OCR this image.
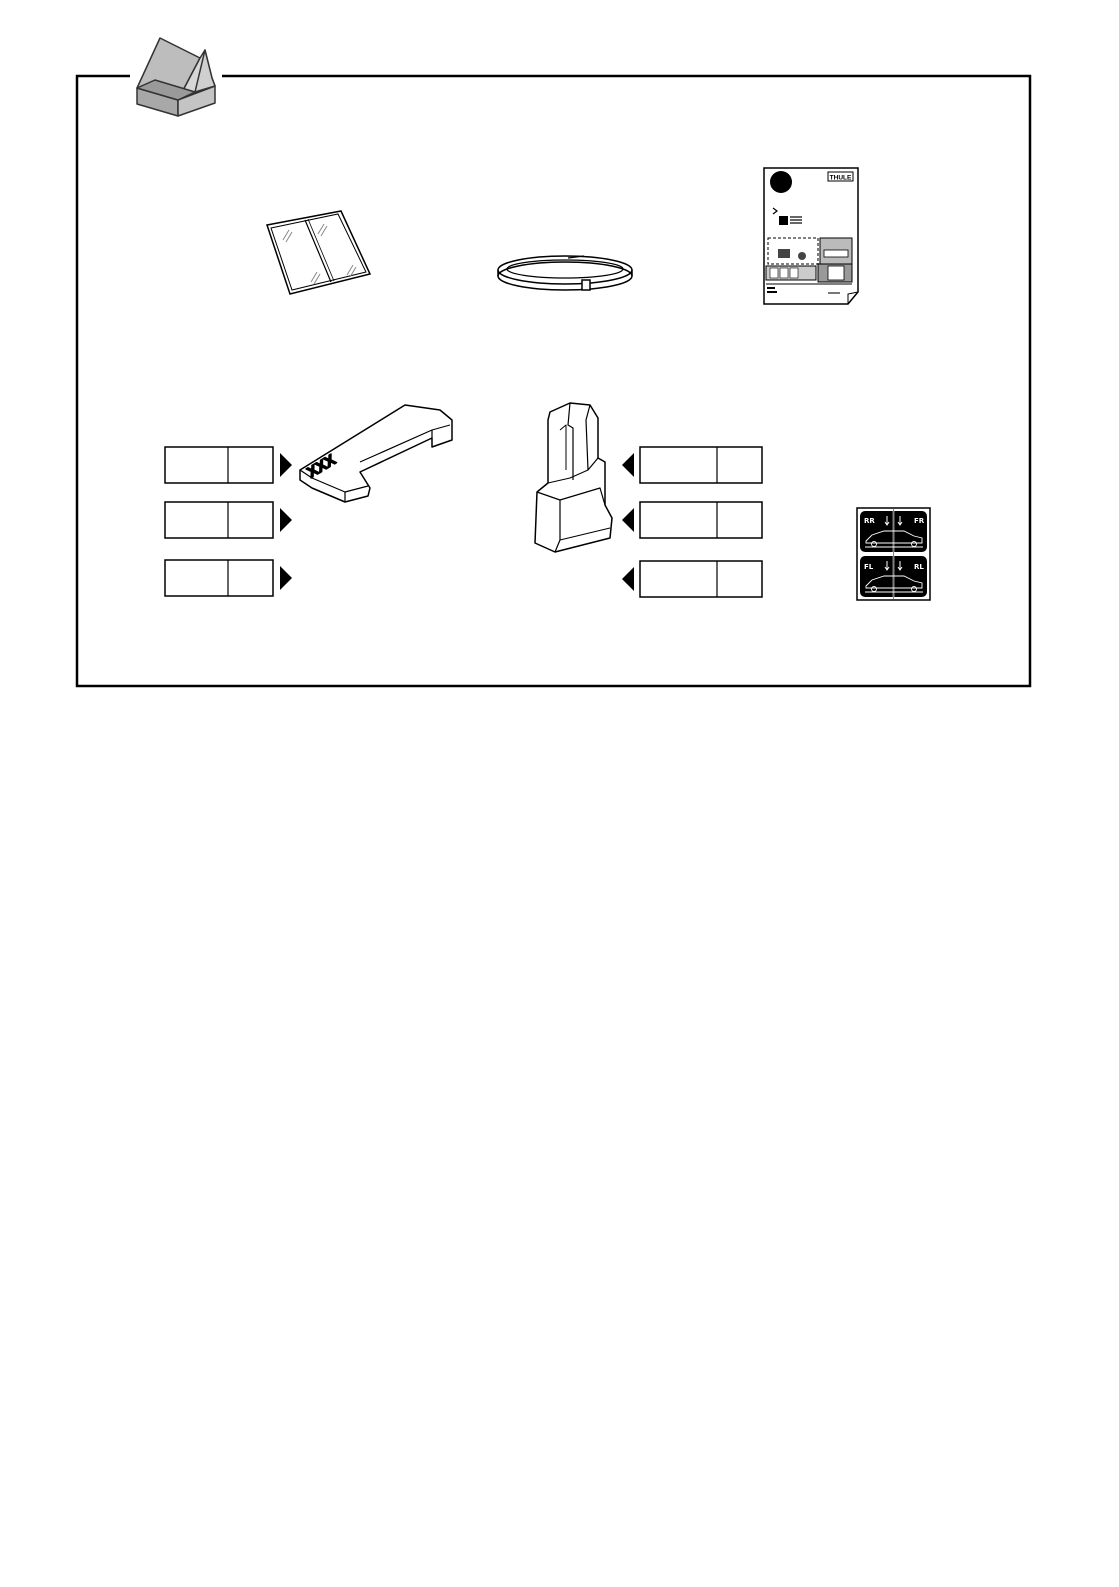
THULE
XXX
RR	FR
FL	RL
